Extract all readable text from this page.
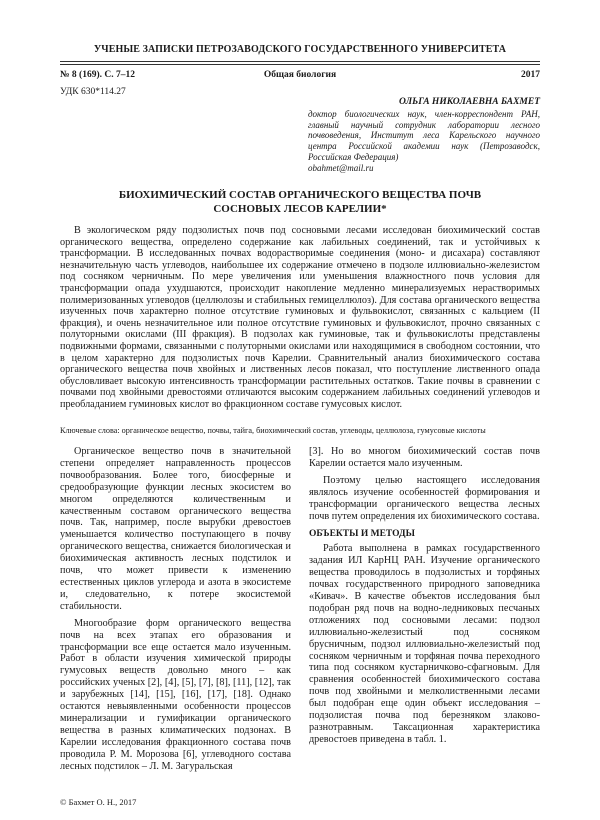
УЧЕНЫЕ ЗАПИСКИ ПЕТРОЗАВОДСКОГО ГОСУДАРСТВЕННОГО УНИВЕРСИТЕТА
Общая биология
№ 8 (169). С. 7–12	2017
УДК 630*114.27
ОЛЬГА НИКОЛАЕВНА БАХМЕТ
доктор биологических наук, член-корреспондент РАН, главный научный сотрудник лаборатории лесного почвоведения, Институт леса Карельского научного центра Российской академии наук (Петрозаводск, Российская Федерация)
obahmet@mail.ru
БИОХИМИЧЕСКИЙ СОСТАВ ОРГАНИЧЕСКОГО ВЕЩЕСТВА ПОЧВ
СОСНОВЫХ ЛЕСОВ КАРЕЛИИ*

В экологическом ряду подзолистых почв под сосновыми лесами исследован биохимический состав органического вещества, определено содержание как лабильных соединений, так и устойчивых к трансформации. В исследованных почвах водорастворимые соединения (моно- и дисахара) составляют незначительную часть углеводов, наибольшее их содержание отмечено в подзоле иллювиально-железистом под сосняком черничным. По мере увеличения или уменьшения влажностного почв условия для трансформации опада ухудшаются, происходит накопление медленно минерализуемых нерастворимых полимеризованных углеводов (целлюлозы и стабильных гемицеллюлоз). Для состава органического вещества изученных почв характерно полное отсутствие гуминовых и фульвокислот, связанных с кальцием (II фракция), и очень незначительное или полное отсутствие гуминовых и фульвокислот, прочно связанных с полуторными окислами (III фракция). В подзолах как гуминовые, так и фульвокислоты представлены подвижными формами, связанными с полуторными окислами или находящимися в свободном состоянии, что в целом характерно для подзолистых почв Карелии. Сравнительный анализ биохимического состава органического вещества почв хвойных и лиственных лесов показал, что поступление лиственного опада обусловливает высокую интенсивность трансформации растительных остатков. Такие почвы в сравнении с почвами под хвойными древостоями отличаются высоким содержанием лабильных соединений углеводов и преобладанием гуминовых кислот во фракционном составе гумусовых кислот.

Ключевые слова: органическое вещество, почвы, тайга, биохимический состав, углеводы, целлюлоза, гумусовые кислоты

Органическое вещество почв в значительной степени определяет направленность процессов почвообразования. Более того, биосферные и средообразующие функции лесных экосистем во многом определяются количественным и качественным составом органического вещества почв. Так, например, после вырубки древостоев уменьшается количество поступающего в почву органического вещества, снижается биологическая и биохимическая активность лесных подстилок и почв, что может привести к изменению естественных циклов углерода и азота в экосистеме и, следовательно, к потере экосистемой стабильности.

Многообразие форм органического вещества почв на всех этапах его образования и трансформации все еще остается мало изученным. Работ в области изучения химической природы гумусовых веществ довольно много – как российских ученых [2], [4], [5], [7], [8], [11], [12], так и зарубежных [14], [15], [16], [17], [18]. Однако остаются невыявленными особенности процессов минерализации и гумификации органического вещества в разных климатических подзонах. В Карелии исследования фракционного состава почв проводила Р. М. Морозова [6], углеводного состава лесных подстилок – Л. М. Загуральская

[3]. Но во многом биохимический состав почв Карелии остается мало изученным.

Поэтому целью настоящего исследования являлось изучение особенностей формирования и трансформации органического вещества лесных почв путем определения их биохимического состава.

ОБЪЕКТЫ И МЕТОДЫ

Работа выполнена в рамках государственного задания ИЛ КарНЦ РАН. Изучение органического вещества проводилось в подзолистых и торфяных почвах государственного природного заповедника «Кивач». В качестве объектов исследования был подобран ряд почв на водно-ледниковых песчаных отложениях под сосновыми лесами: подзол иллювиально-железистый под сосняком брусничным, подзол иллювиально-железистый под сосняком черничным и торфяная почва переходного типа под сосняком кустарничково-сфагновым. Для сравнения особенностей биохимического состава почв под хвойными и мелколиственными лесами был подобран еще один объект исследования – подзолистая почва под березняком злаково-разнотравным. Таксационная характеристика древостоев приведена в табл. 1.

© Бахмет О. Н., 2017
